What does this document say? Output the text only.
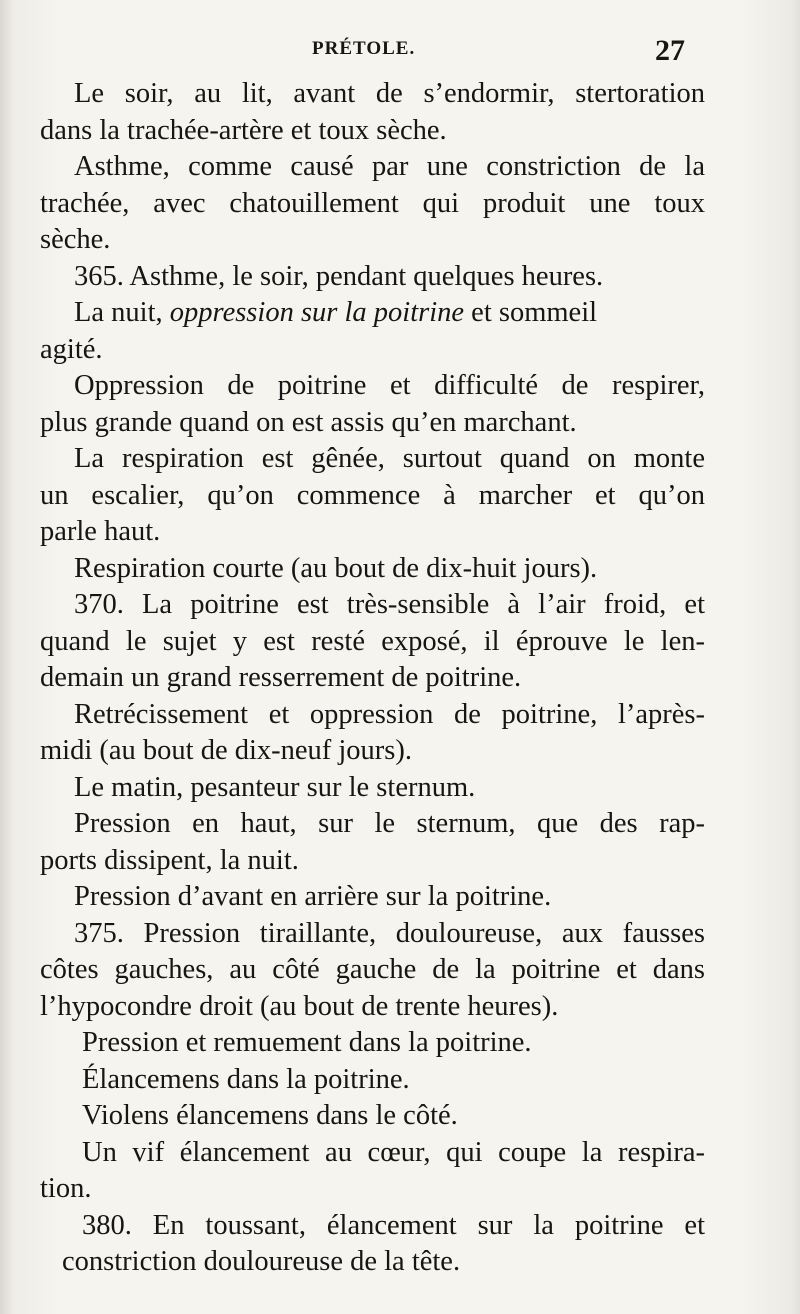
PRÉTOLE.	27
Le soir, au lit, avant de s’endormir, stertoration
dans la trachée-artère et toux sèche.
Asthme, comme causé par une constriction de la
trachée, avec chatouillement qui produit une toux
sèche.
365. Asthme, le soir, pendant quelques heures.
La nuit, oppression sur la poitrine et sommeil
agité.
Oppression de poitrine et difficulté de respirer,
plus grande quand on est assis qu’en marchant.
La respiration est gênée, surtout quand on monte
un escalier, qu’on commence à marcher et qu’on
parle haut.
Respiration courte (au bout de dix-huit jours).
370. La poitrine est très-sensible à l’air froid, et
quand le sujet y est resté exposé, il éprouve le len-
demain un grand resserrement de poitrine.
Retrécissement et oppression de poitrine, l’après-
midi (au bout de dix-neuf jours).
Le matin, pesanteur sur le sternum.
Pression en haut, sur le sternum, que des rap-
ports dissipent, la nuit.
Pression d’avant en arrière sur la poitrine.
375. Pression tiraillante, douloureuse, aux fausses
côtes gauches, au côté gauche de la poitrine et dans
l’hypocondre droit (au bout de trente heures).
Pression et remuement dans la poitrine.
Élancemens dans la poitrine.
Violens élancemens dans le côté.
Un vif élancement au cœur, qui coupe la respira-
tion.
380. En toussant, élancement sur la poitrine et
constriction douloureuse de la tête.
